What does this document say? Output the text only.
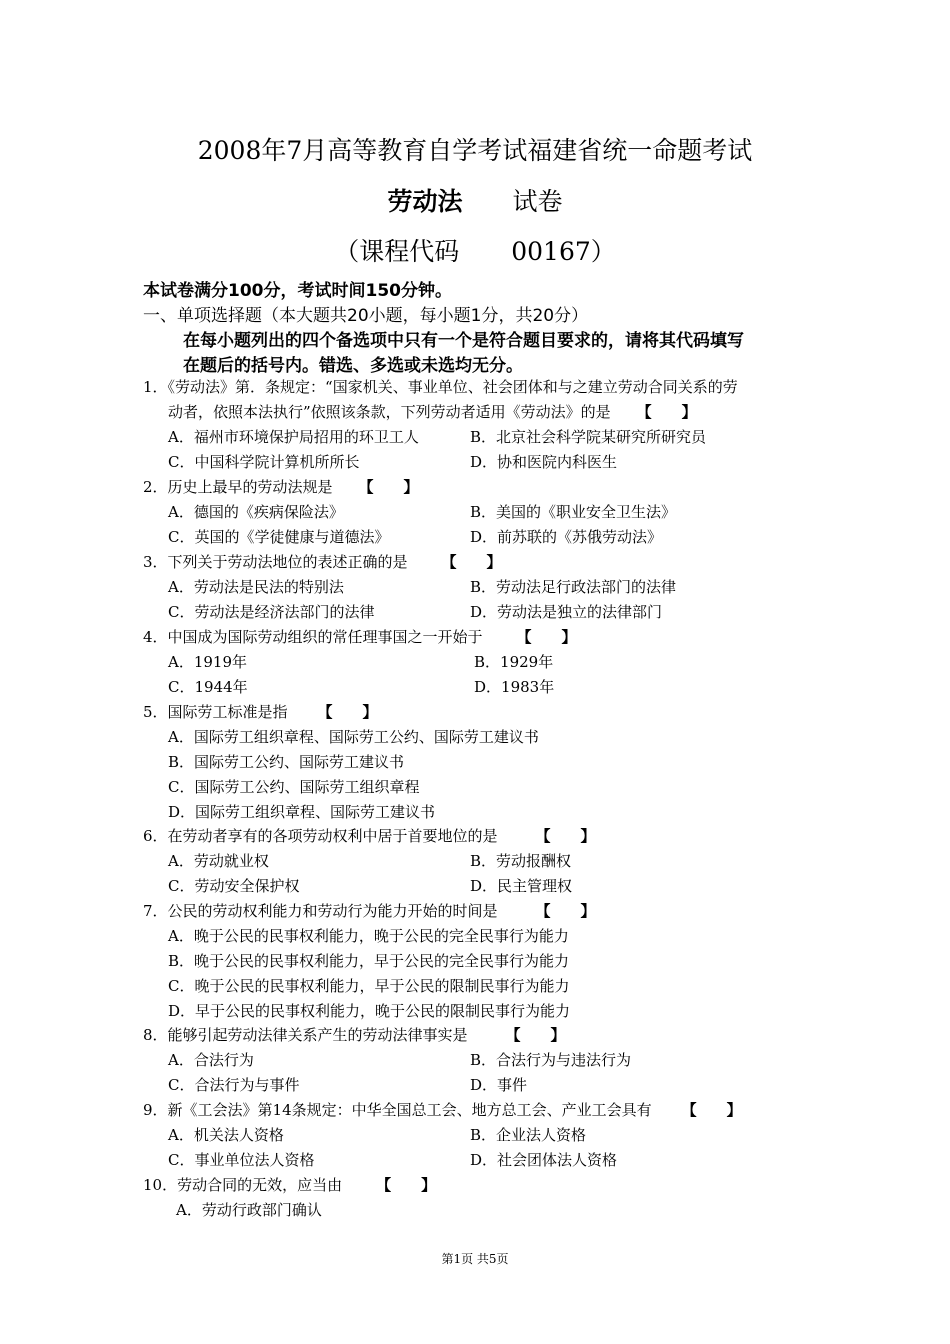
2008年7月高等教育自学考试福建省统一命题考试
劳动法 试卷
（课程代码 00167）
本试卷满分100分，考试时间150分钟。
一、单项选择题（本大题共20小题，每小题1分，共20分）
在每小题列出的四个备选项中只有一个是符合题目要求的，请将其代码填写
在题后的括号内。错选、多选或未选均无分。
1．《劳动法》第．条规定：“国家机关、事业单位、社会团体和与之建立劳动合同关系的劳
动者，依照本法执行”依照该条款，下列劳动者适用《劳动法》的是 【　　】
A．福州市环境保护局招用的环卫工人	B．北京社会科学院某研究所研究员
C．中国科学院计算机所所长	D．协和医院内科医生
2．历史上最早的劳动法规是 【　　】
A．德国的《疾病保险法》	B．美国的《职业安全卫生法》
C．英国的《学徒健康与道德法》	D．前苏联的《苏俄劳动法》
3．下列关于劳动法地位的表述正确的是 【　　】
A．劳动法是民法的特别法	B．劳动法足行政法部门的法律
C．劳动法是经济法部门的法律	D．劳动法是独立的法律部门
4．中国成为国际劳动组织的常任理事国之一开始于 【　　】
A．1919年	B．1929年
C．1944年	D．1983年
5．国际劳工标准是指 【　　】
A．国际劳工组织章程、国际劳工公约、国际劳工建议书
B．国际劳工公约、国际劳工建议书
C．国际劳工公约、国际劳工组织章程
D．国际劳工组织章程、国际劳工建议书
6．在劳动者享有的各项劳动权利中居于首要地位的是	【　　】
A．劳动就业权	B．劳动报酬权
C．劳动安全保护权	D．民主管理权
7．公民的劳动权利能力和劳动行为能力开始的时间是	【　　】
A．晚于公民的民事权利能力，晚于公民的完全民事行为能力
B．晚于公民的民事权利能力，早于公民的完全民事行为能力
C．晚于公民的民事权利能力，早于公民的限制民事行为能力
D．早于公民的民事权利能力，晚于公民的限制民事行为能力
8．能够引起劳动法律关系产生的劳动法律事实是	【　　】
A．合法行为	B．合法行为与违法行为
C．合法行为与事件	D．事件
9．新《工会法》第14条规定：中华全国总工会、地方总工会、产业工会具有 【　　】
A．机关法人资格	B．企业法人资格
C．事业单位法人资格	D．社会团体法人资格
10．劳动合同的无效，应当由 【　　】
A．劳动行政部门确认
第1页 共5页
